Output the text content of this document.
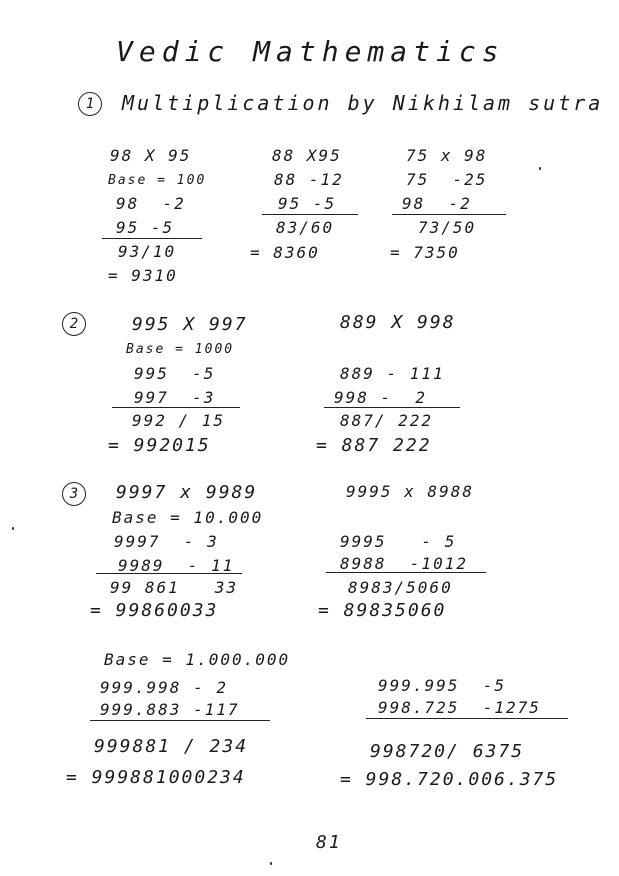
Vedic Mathematics
1	Multiplication by Nikhilam sutra
98 X 95
Base = 100
98  -2
95 -5
93/10
= 9310
88 X95
88 -12
95 -5
83/60
= 8360
75 x 98
75  -25
98  -2
73/50
= 7350
2	995 X 997
Base = 1000
995  -5
997  -3
992 / 15
= 992015
889 X 998
889 - 111
998 -  2
887/ 222
= 887 222
3	9997 x 9989
Base = 10.000
9997  - 3
9989  - 11
99 861   33
= 99860033
9995 x 8988
9995   - 5
8988  -1012
8983/5060
= 89835060
Base = 1.000.000
999.998 - 2
999.883 -117
999881 / 234
= 999881000234
999.995  -5
998.725  -1275
998720/ 6375
= 998.720.006.375
81
